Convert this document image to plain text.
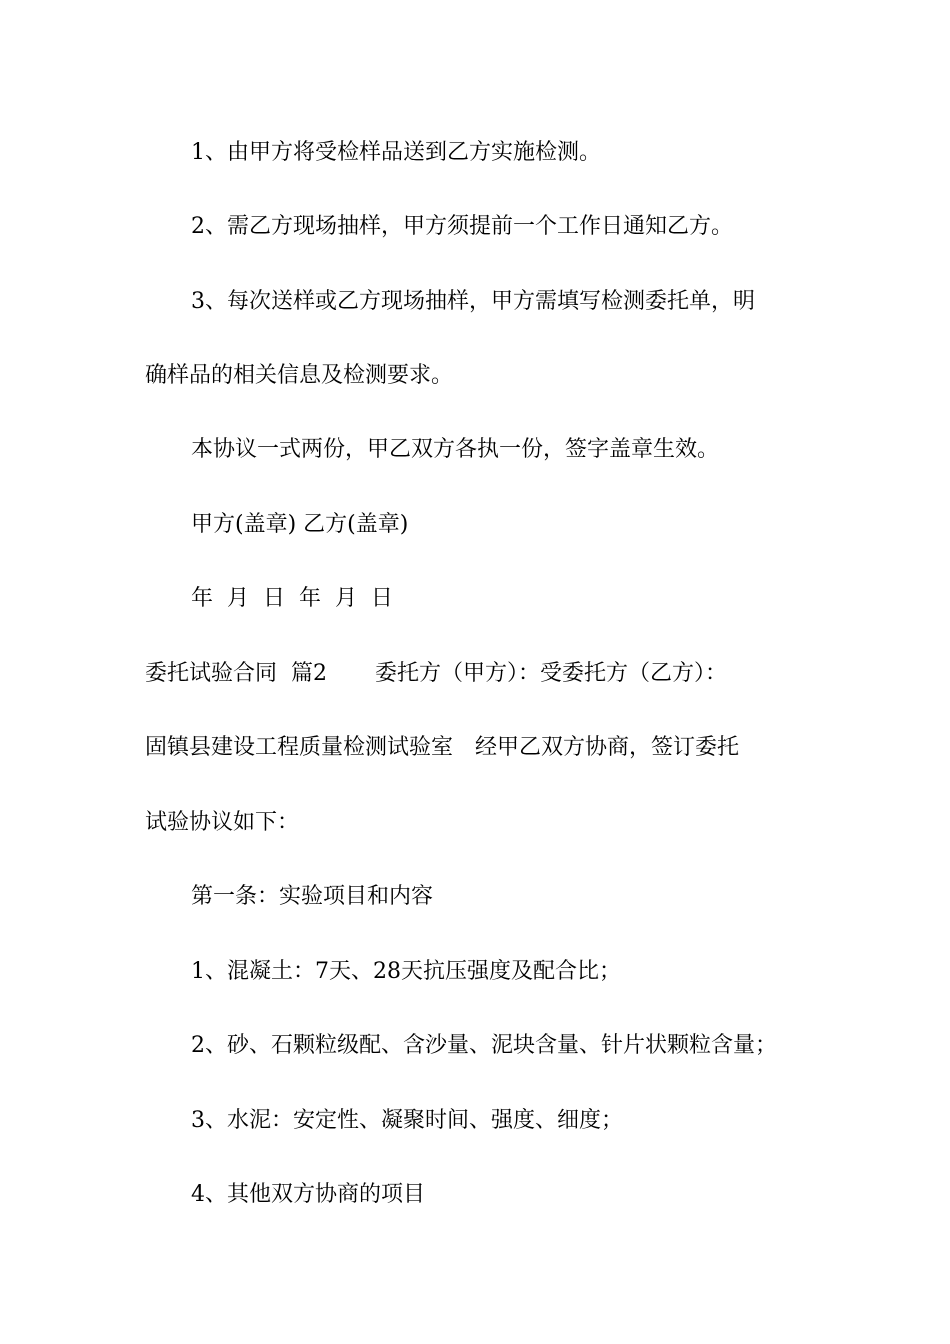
1、由甲方将受检样品送到乙方实施检测。
2、需乙方现场抽样，甲方须提前一个工作日通知乙方。
3、每次送样或乙方现场抽样，甲方需填写检测委托单，明
确样品的相关信息及检测要求。
本协议一式两份，甲乙双方各执一份，签字盖章生效。
甲方(盖章) 乙方(盖章)
年  月  日  年  月  日
委托试验合同  篇2 委托方（甲方）：受委托方（乙方）：
固镇县建设工程质量检测试验室 经甲乙双方协商，签订委托
试验协议如下：
第一条：实验项目和内容
1、混凝土：7天、28天抗压强度及配合比；
2、砂、石颗粒级配、含沙量、泥块含量、针片状颗粒含量；
3、水泥：安定性、凝聚时间、强度、细度；
4、其他双方协商的项目
